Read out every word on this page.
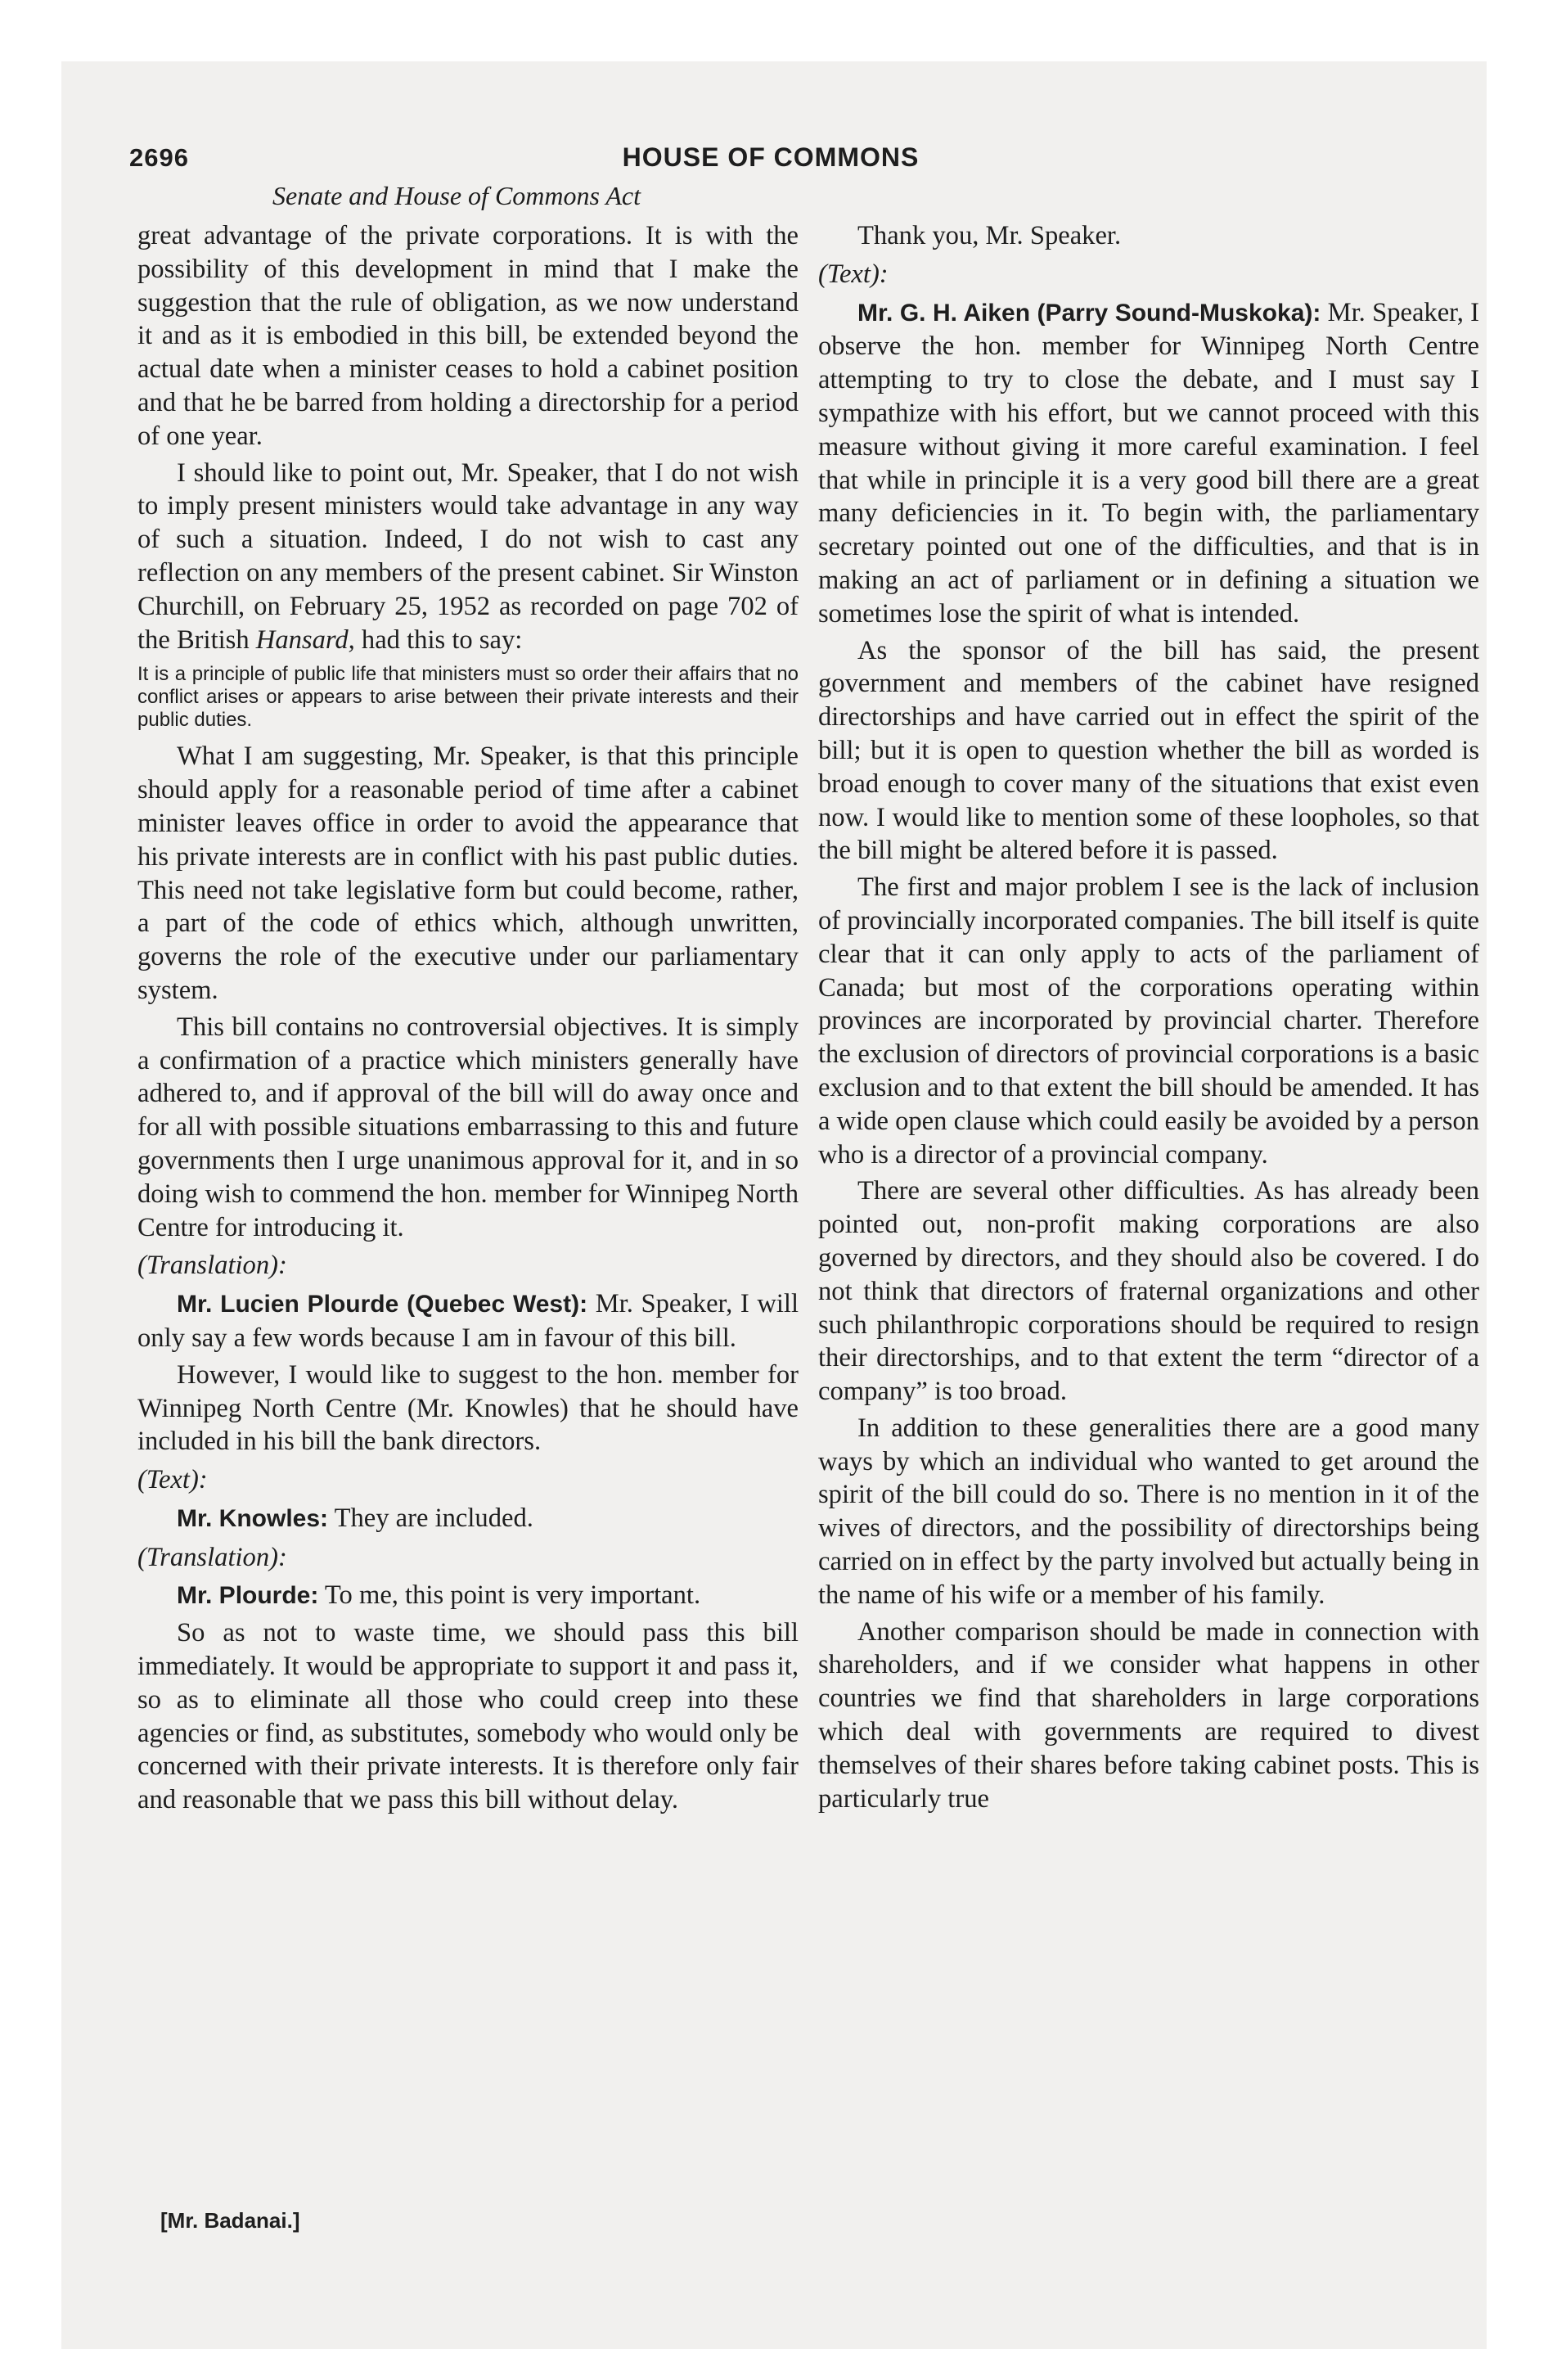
2696	HOUSE OF COMMONS
Senate and House of Commons Act

great advantage of the private corporations. It is with the possibility of this development in mind that I make the suggestion that the rule of obligation, as we now understand it and as it is embodied in this bill, be extended beyond the actual date when a minister ceases to hold a cabinet position and that he be barred from holding a directorship for a period of one year.

I should like to point out, Mr. Speaker, that I do not wish to imply present ministers would take advantage in any way of such a situation. Indeed, I do not wish to cast any reflection on any members of the present cabinet. Sir Winston Churchill, on February 25, 1952 as recorded on page 702 of the British Hansard, had this to say:

It is a principle of public life that ministers must so order their affairs that no conflict arises or appears to arise between their private interests and their public duties.

What I am suggesting, Mr. Speaker, is that this principle should apply for a reasonable period of time after a cabinet minister leaves office in order to avoid the appearance that his private interests are in conflict with his past public duties. This need not take legislative form but could become, rather, a part of the code of ethics which, although unwritten, governs the role of the executive under our parliamentary system.

This bill contains no controversial objectives. It is simply a confirmation of a practice which ministers generally have adhered to, and if approval of the bill will do away once and for all with possible situations embarrassing to this and future governments then I urge unanimous approval for it, and in so doing wish to commend the hon. member for Winnipeg North Centre for introducing it.

(Translation):

Mr. Lucien Plourde (Quebec West): Mr. Speaker, I will only say a few words because I am in favour of this bill.

However, I would like to suggest to the hon. member for Winnipeg North Centre (Mr. Knowles) that he should have included in his bill the bank directors.

(Text):

Mr. Knowles: They are included.

(Translation):

Mr. Plourde: To me, this point is very important.

So as not to waste time, we should pass this bill immediately. It would be appropriate to support it and pass it, so as to eliminate all those who could creep into these agencies or find, as substitutes, somebody who would only be concerned with their private interests. It is therefore only fair and reasonable that we pass this bill without delay.

Thank you, Mr. Speaker.

(Text):

Mr. G. H. Aiken (Parry Sound-Muskoka): Mr. Speaker, I observe the hon. member for Winnipeg North Centre attempting to try to close the debate, and I must say I sympathize with his effort, but we cannot proceed with this measure without giving it more careful examination. I feel that while in principle it is a very good bill there are a great many deficiencies in it. To begin with, the parliamentary secretary pointed out one of the difficulties, and that is in making an act of parliament or in defining a situation we sometimes lose the spirit of what is intended.

As the sponsor of the bill has said, the present government and members of the cabinet have resigned directorships and have carried out in effect the spirit of the bill; but it is open to question whether the bill as worded is broad enough to cover many of the situations that exist even now. I would like to mention some of these loopholes, so that the bill might be altered before it is passed.

The first and major problem I see is the lack of inclusion of provincially incorporated companies. The bill itself is quite clear that it can only apply to acts of the parliament of Canada; but most of the corporations operating within provinces are incorporated by provincial charter. Therefore the exclusion of directors of provincial corporations is a basic exclusion and to that extent the bill should be amended. It has a wide open clause which could easily be avoided by a person who is a director of a provincial company.

There are several other difficulties. As has already been pointed out, non-profit making corporations are also governed by directors, and they should also be covered. I do not think that directors of fraternal organizations and other such philanthropic corporations should be required to resign their directorships, and to that extent the term “director of a company” is too broad.

In addition to these generalities there are a good many ways by which an individual who wanted to get around the spirit of the bill could do so. There is no mention in it of the wives of directors, and the possibility of directorships being carried on in effect by the party involved but actually being in the name of his wife or a member of his family.

Another comparison should be made in connection with shareholders, and if we consider what happens in other countries we find that shareholders in large corporations which deal with governments are required to divest themselves of their shares before taking cabinet posts. This is particularly true

[Mr. Badanai.]
